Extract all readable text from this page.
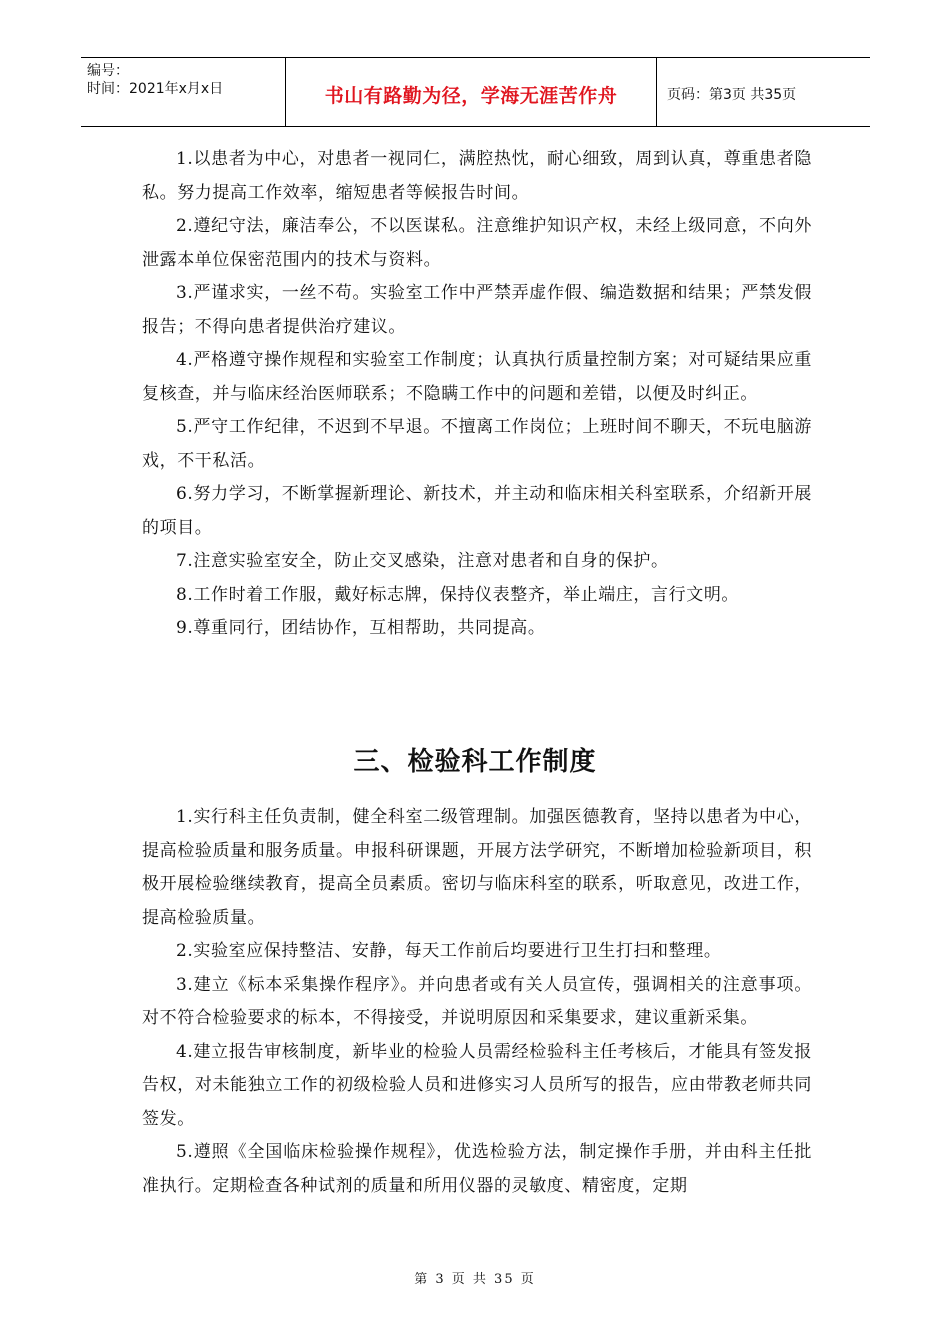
编号：
时间：2021年x月x日	书山有路勤为径，学海无涯苦作舟	页码：第3页 共35页

1.以患者为中心，对患者一视同仁，满腔热忱，耐心细致，周到认真，尊重患者隐私。努力提高工作效率，缩短患者等候报告时间。

2.遵纪守法，廉洁奉公，不以医谋私。注意维护知识产权，未经上级同意，不向外泄露本单位保密范围内的技术与资料。

3.严谨求实，一丝不苟。实验室工作中严禁弄虚作假、编造数据和结果；严禁发假报告；不得向患者提供治疗建议。

4.严格遵守操作规程和实验室工作制度；认真执行质量控制方案；对可疑结果应重复核查，并与临床经治医师联系；不隐瞒工作中的问题和差错，以便及时纠正。

5.严守工作纪律，不迟到不早退。不擅离工作岗位；上班时间不聊天，不玩电脑游戏，不干私活。

6.努力学习，不断掌握新理论、新技术，并主动和临床相关科室联系，介绍新开展的项目。

7.注意实验室安全，防止交叉感染，注意对患者和自身的保护。

8.工作时着工作服，戴好标志牌，保持仪表整齐，举止端庄，言行文明。

9.尊重同行，团结协作，互相帮助，共同提高。

三、检验科工作制度

1.实行科主任负责制，健全科室二级管理制。加强医德教育，坚持以患者为中心，提高检验质量和服务质量。申报科研课题，开展方法学研究，不断增加检验新项目，积极开展检验继续教育，提高全员素质。密切与临床科室的联系，听取意见，改进工作，提高检验质量。

2.实验室应保持整洁、安静，每天工作前后均要进行卫生打扫和整理。

3.建立《标本采集操作程序》。并向患者或有关人员宣传，强调相关的注意事项。对不符合检验要求的标本，不得接受，并说明原因和采集要求，建议重新采集。

4.建立报告审核制度，新毕业的检验人员需经检验科主任考核后，才能具有签发报告权，对未能独立工作的初级检验人员和进修实习人员所写的报告，应由带教老师共同签发。

5.遵照《全国临床检验操作规程》，优选检验方法，制定操作手册，并由科主任批准执行。定期检查各种试剂的质量和所用仪器的灵敏度、精密度，定期

第 3 页 共 35 页
